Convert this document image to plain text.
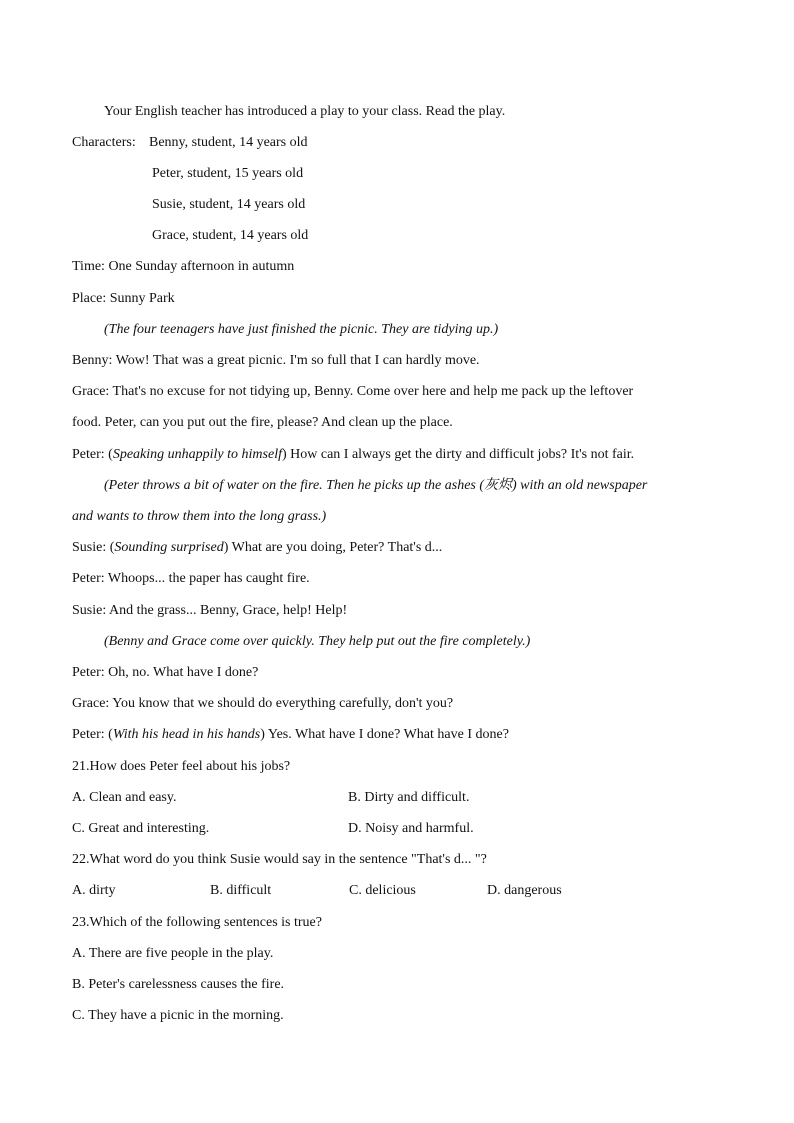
Your English teacher has introduced a play to your class. Read the play.
Characters: Benny, student, 14 years old
Peter, student, 15 years old
Susie, student, 14 years old
Grace, student, 14 years old
Time: One Sunday afternoon in autumn
Place: Sunny Park
(The four teenagers have just finished the picnic. They are tidying up.)
Benny: Wow! That was a great picnic. I'm so full that I can hardly move.
Grace: That's no excuse for not tidying up, Benny. Come over here and help me pack up the leftover
food. Peter, can you put out the fire, please? And clean up the place.
Peter: (Speaking unhappily to himself) How can I always get the dirty and difficult jobs? It's not fair.
(Peter throws a bit of water on the fire. Then he picks up the ashes (灰烬) with an old newspaper
and wants to throw them into the long grass.)
Susie: (Sounding surprised) What are you doing, Peter? That's d...
Peter: Whoops... the paper has caught fire.
Susie: And the grass... Benny, Grace, help! Help!
(Benny and Grace come over quickly. They help put out the fire completely.)
Peter: Oh, no. What have I done?
Grace: You know that we should do everything carefully, don't you?
Peter: (With his head in his hands) Yes. What have I done? What have I done?
21.How does Peter feel about his jobs?
A. Clean and easy.	B. Dirty and difficult.
C. Great and interesting.	D. Noisy and harmful.
22.What word do you think Susie would say in the sentence "That's d... "?
A. dirty	B. difficult	C. delicious	D. dangerous
23.Which of the following sentences is true?
A. There are five people in the play.
B. Peter's carelessness causes the fire.
C. They have a picnic in the morning.
